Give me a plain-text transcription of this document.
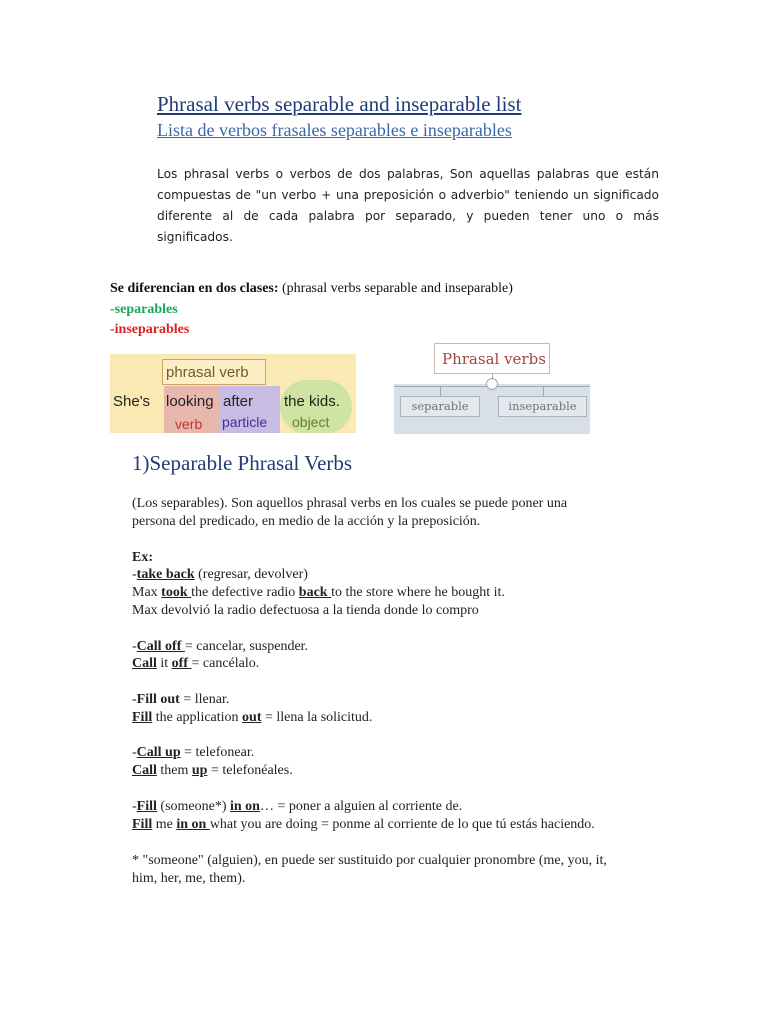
Phrasal verbs separable and inseparable list
Lista de verbos frasales separables e inseparables
Los phrasal verbs o verbos de dos palabras, Son aquellas palabras que están compuestas de "un verbo + una preposición o adverbio" teniendo un significado diferente al de cada palabra por separado, y pueden tener uno o más significados.
Se diferencian en dos clases: (phrasal verbs separable and inseparable)
-separables
-inseparables
phrasal verb
She's looking after the kids.
verb particle object
Phrasal verbs
separable	inseparable
1)Separable Phrasal Verbs
(Los separables). Son aquellos phrasal verbs en los cuales se puede poner una
persona del predicado, en medio de la acción y la preposición.
Ex:
-take back (regresar, devolver)
Max took the defective radio back to the store where he bought it.
Max devolvió la radio defectuosa a la tienda donde lo compro
-Call off = cancelar, suspender.
Call it off = cancélalo.
-Fill out = llenar.
Fill the application out = llena la solicitud.
-Call up = telefonear.
Call them up = telefonéales.
-Fill (someone*) in on… = poner a alguien al corriente de.
Fill me in on what you are doing = ponme al corriente de lo que tú estás haciendo.
* "someone" (alguien), en puede ser sustituido por cualquier pronombre (me, you, it,
him, her, me, them).
